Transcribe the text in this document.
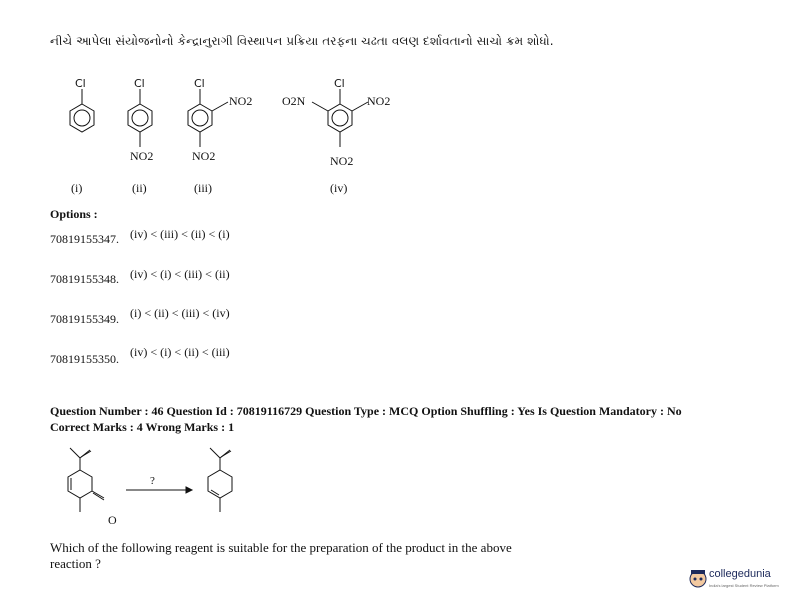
નીચે આપેલા સંયોજનોનો કેન્દ્રાનુરાગી વિસ્થાપન પ્રક્રિયા તરફના ચઢતા વલણ દર્શાવતાનો સાચો ક્રમ શોધો.
Cl	Cl	Cl	Cl
NO2
NO2
NO2
O2N	NO2
NO2
(i)	(ii)	(iii)	(iv)
Options :
70819155347. (iv) < (iii) < (ii) < (i)
70819155348. (iv) < (i) < (iii) < (ii)
70819155349. (i) < (ii) < (iii) < (iv)
70819155350. (iv) < (i) < (ii) < (iii)
Question Number : 46 Question Id : 70819116729 Question Type : MCQ Option Shuffling : Yes Is Question Mandatory : No
Correct Marks : 4 Wrong Marks : 1
O
?
Which of the following reagent is suitable for the preparation of the product in the above
reaction ?
collegedunia
India's largest Student Review Platform
